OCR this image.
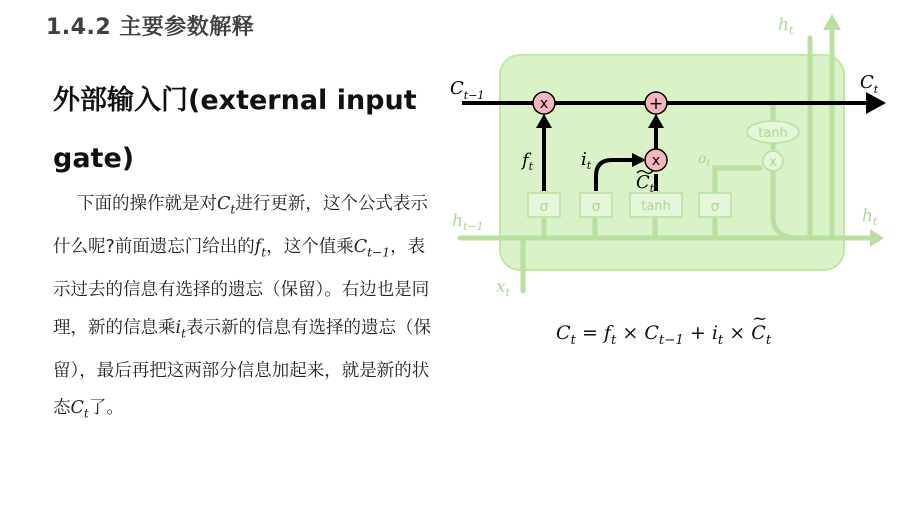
1.4.2 主要参数解释
外部输入门(external input gate)
下面的操作就是对$C_t$进行更新，这个公式表示什么呢?前面遗忘门给出的$f_t$，这个值乘$C_{t-1}$，表示过去的信息有选择的遗忘（保留）。右边也是同理，新的信息乘$i_t$表示新的信息有选择的遗忘（保留），最后再把这两部分信息加起来，就是新的状态$C_t$了。
σ	σ	tanh	σ
tanh
x
$h_t$
$h_{t-1}$
$h_t$
$x_t$
$o_t$
x	+
x
$C_{t-1}$
$C_t$
$f_t$	$i_t$
$C_t$
$C_t = f_t \times C_{t-1} + i_t$ × ~ $C_t$
